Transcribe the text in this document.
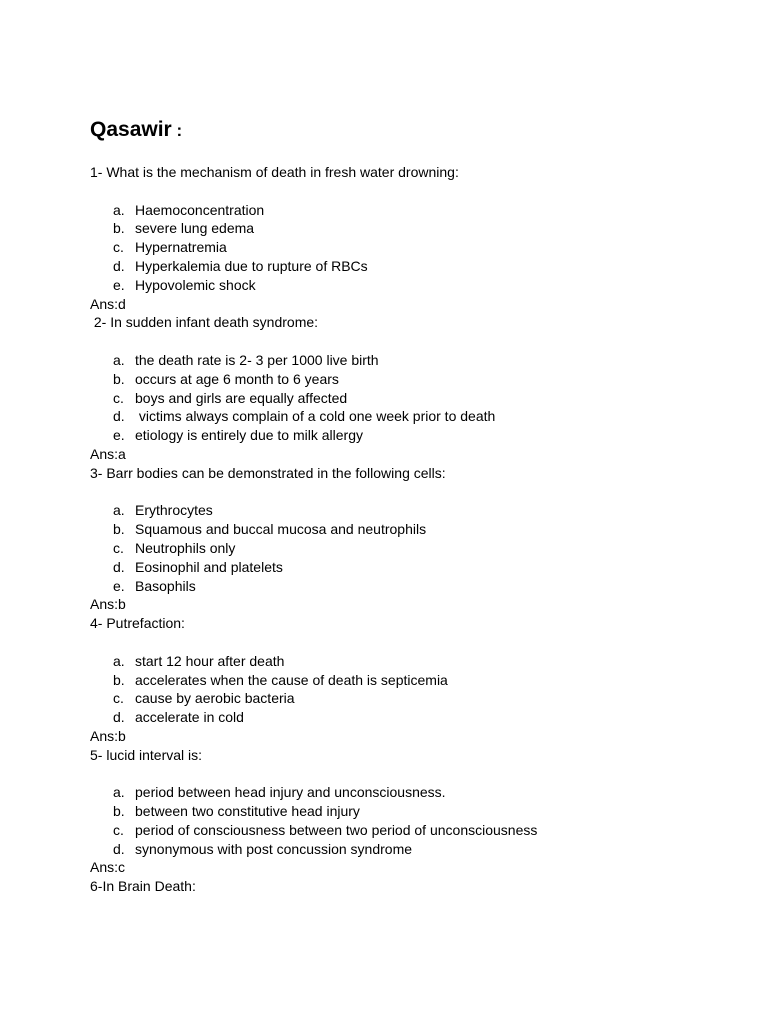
Qasawir :

1- What is the mechanism of death in fresh water drowning:

a. Haemoconcentration
b. severe lung edema
c. Hypernatremia
d. Hyperkalemia due to rupture of RBCs
e. Hypovolemic shock

Ans:d

2- In sudden infant death syndrome:

a. the death rate is 2- 3 per 1000 live birth
b. occurs at age 6 month to 6 years
c. boys and girls are equally affected
d. victims always complain of a cold one week prior to death
e. etiology is entirely due to milk allergy

Ans:a

3- Barr bodies can be demonstrated in the following cells:

a. Erythrocytes
b. Squamous and buccal mucosa and neutrophils
c. Neutrophils only
d. Eosinophil and platelets
e. Basophils

Ans:b

4- Putrefaction:

a. start 12 hour after death
b. accelerates when the cause of death is septicemia
c. cause by aerobic bacteria
d. accelerate in cold

Ans:b

5- lucid interval is:

a. period between head injury and unconsciousness.
b. between two constitutive head injury
c. period of consciousness between two period of unconsciousness
d. synonymous with post concussion syndrome

Ans:c

6-In Brain Death:
